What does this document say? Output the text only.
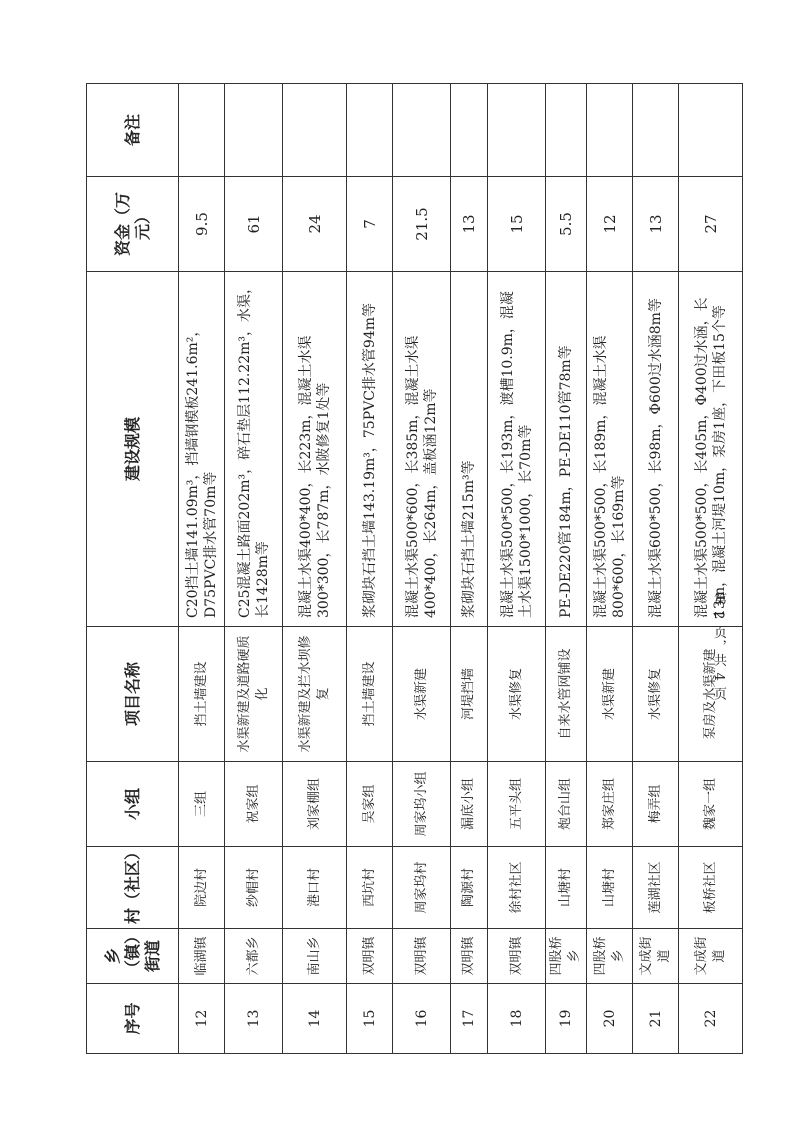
序号	乡（镇）街道	村（社区）	小组	项目名称	建设规模	资金（万元）	备注
12	临湖镇	院边村	三组	挡土墙建设	C20挡土墙141.09m³，挡墙钢模板241.6m²，D75PVC排水管70m等	9.5	
13	六都乡	纱帽村	祝家组	水渠新建及道路硬质化	C25混凝土路面202m³，碎石垫层112.22m³，水渠，长1428m等	61	
14	南山乡	港口村	刘家棚组	水渠新建及拦水坝修复	混凝土水渠400*400，长223m，混凝土水渠300*300，长787m，水陂修复1处等	24	
15	双明镇	西坑村	吴家组	挡土墙建设	浆砌块石挡土墙143.19m³，75PVC排水管94m等	7	
16	双明镇	周家坞村	周家坞小组	水渠新建	混凝土水渠500*600，长385m，混凝土水渠400*400，长264m，盖板涵12m等	21.5	
17	双明镇	陶源村	漏底小组	河堤挡墙	浆砌块石挡土墙215m³等	13	
18	双明镇	徐村社区	五平头组	水渠修复	混凝土水渠500*500，长193m，渡槽10.9m，混凝土水渠1500*1000，长70m等	15	
19	四股桥乡	山塘村	炮台山组	自来水管网铺设	PE-DE220管184m，PE-DE110管78m等	5.5	
20	四股桥乡	山塘村	郑家庄组	水渠新建	混凝土水渠500*500，长189m，混凝土水渠800*600，长169m等	12	
21	文成街道	莲湖社区	梅弄组	水渠修复	混凝土水渠600*500，长98m，Φ600过水涵8m等	13	
22	文成街道	板桥社区	魏家一组	泵房及水渠新建	混凝土水渠500*500，长405m，Φ400过水涵，长13m，混凝土河堤10m，泵房1座，下田板15个等	27	
第 2 页，共 4 页
